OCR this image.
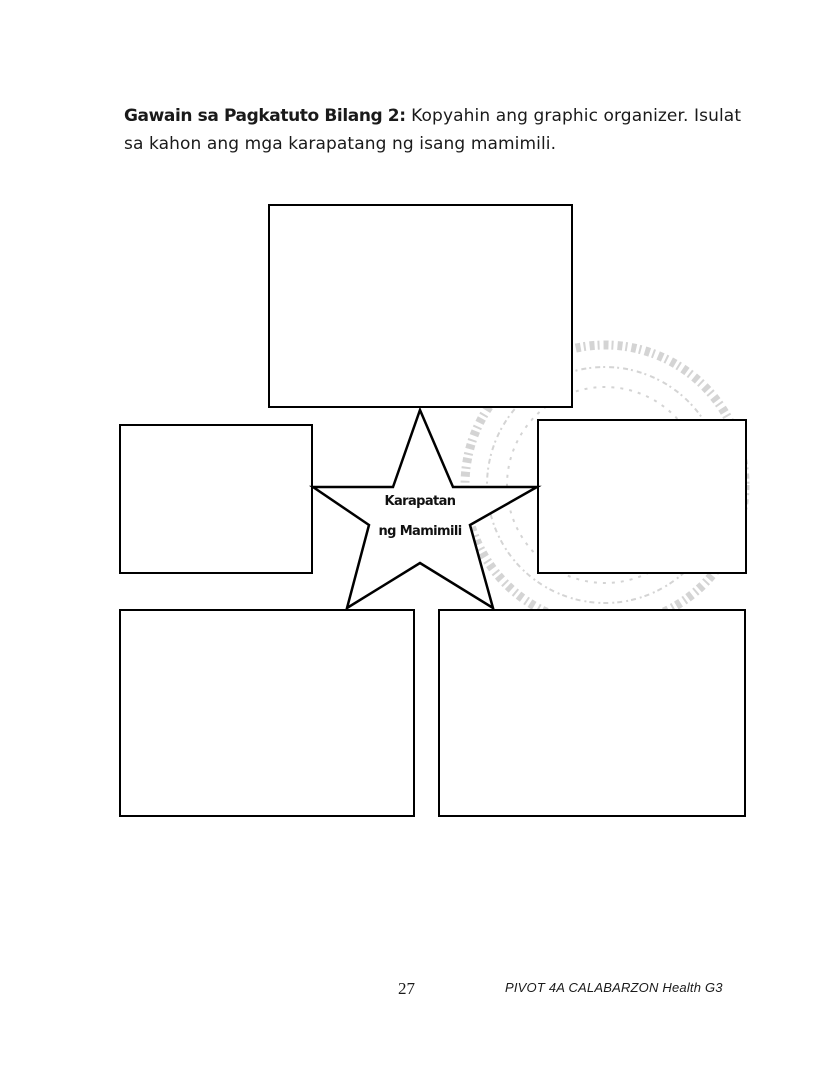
Gawain sa Pagkatuto Bilang 2: Kopyahin ang graphic organizer. Isulat sa kahon ang mga karapatang ng isang mamimili.
Karapatan
ng Mamimili
27	PIVOT 4A CALABARZON Health G3
